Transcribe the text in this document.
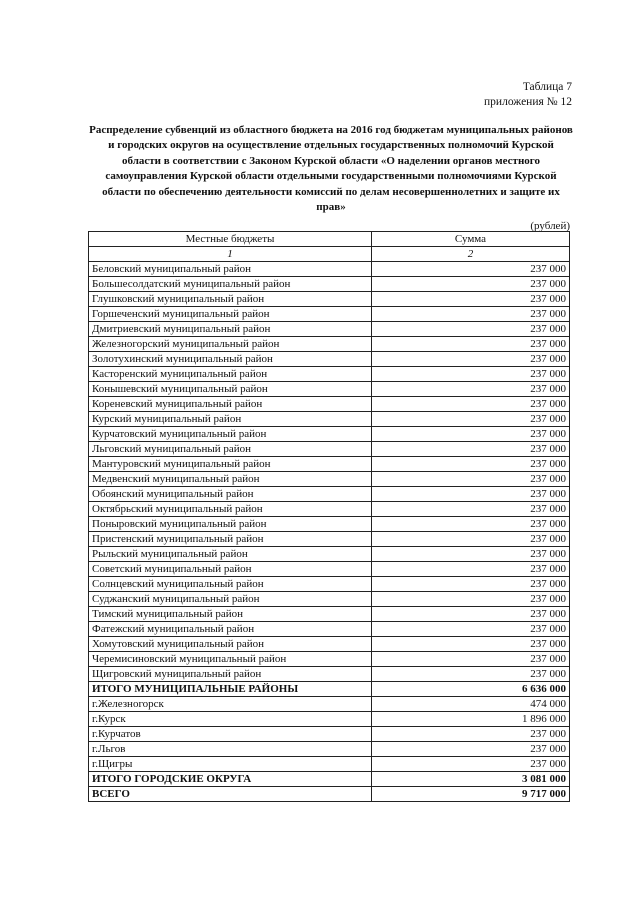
Таблица 7
приложения № 12
Распределение субвенций из областного бюджета на 2016 год бюджетам муниципальных районов и городских округов на осуществление отдельных государственных полномочий Курской области в соответствии с Законом Курской области «О наделении органов местного самоуправления Курской области отдельными государственными полномочиями Курской области по обеспечению деятельности комиссий по делам несовершеннолетних и защите их прав»
(рублей)
Местные бюджеты	Сумма
1	2
Беловский муниципальный район	237 000
Большесолдатский муниципальный район	237 000
Глушковский муниципальный район	237 000
Горшеченский муниципальный район	237 000
Дмитриевский муниципальный район	237 000
Железногорский муниципальный район	237 000
Золотухинский муниципальный район	237 000
Касторенский муниципальный район	237 000
Конышевский муниципальный район	237 000
Кореневский муниципальный район	237 000
Курский муниципальный район	237 000
Курчатовский муниципальный район	237 000
Льговский муниципальный район	237 000
Мантуровский муниципальный район	237 000
Медвенский муниципальный район	237 000
Обоянский муниципальный район	237 000
Октябрьский муниципальный район	237 000
Поныровский муниципальный район	237 000
Пристенский муниципальный район	237 000
Рыльский муниципальный район	237 000
Советский муниципальный район	237 000
Солнцевский муниципальный район	237 000
Суджанский муниципальный район	237 000
Тимский муниципальный район	237 000
Фатежский муниципальный район	237 000
Хомутовский муниципальный район	237 000
Черемисиновский муниципальный район	237 000
Щигровский муниципальный район	237 000
ИТОГО МУНИЦИПАЛЬНЫЕ РАЙОНЫ	6 636 000
г.Железногорск	474 000
г.Курск	1 896 000
г.Курчатов	237 000
г.Льгов	237 000
г.Щигры	237 000
ИТОГО ГОРОДСКИЕ ОКРУГА	3 081 000
ВСЕГО	9 717 000
